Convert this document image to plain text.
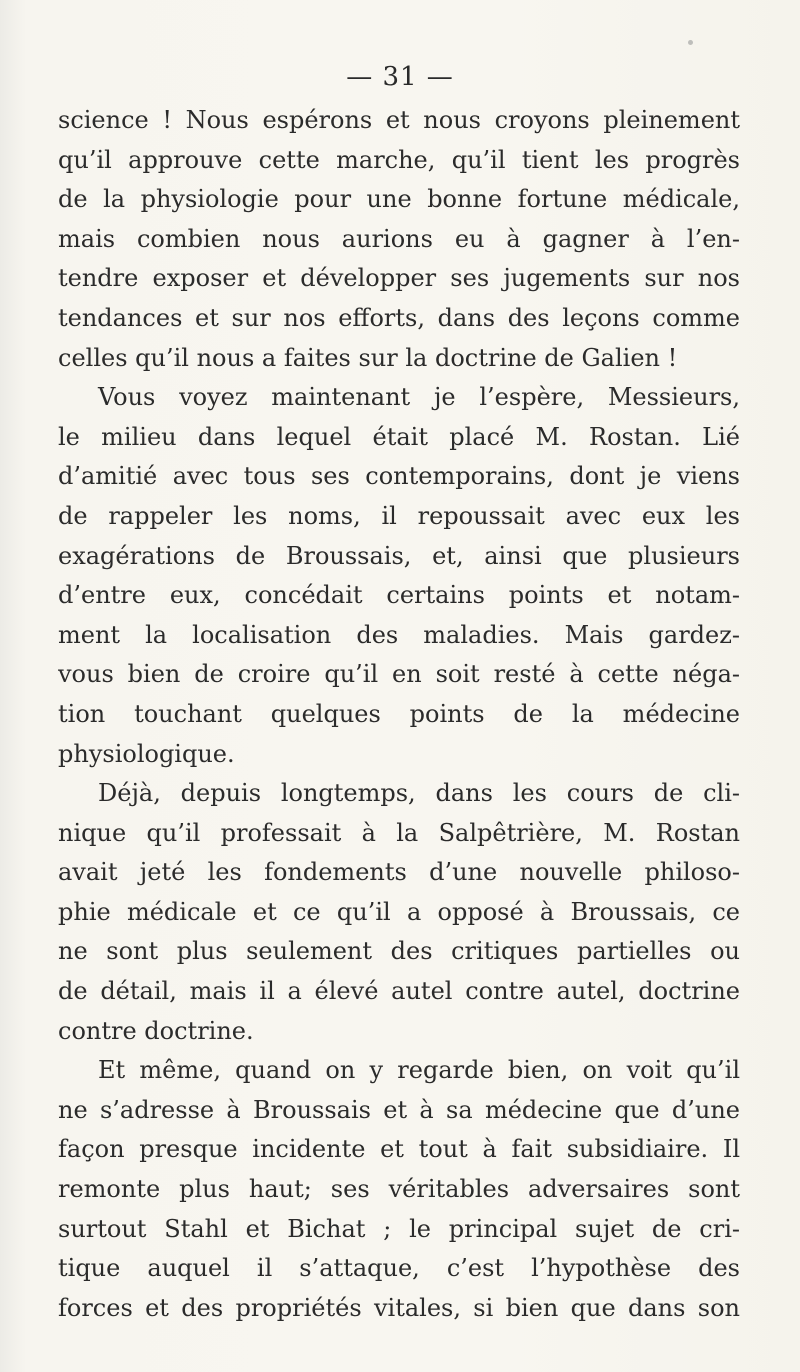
— 31 —
science ! Nous espérons et nous croyons pleinement
qu’il approuve cette marche, qu’il tient les progrès
de la physiologie pour une bonne fortune médicale,
mais combien nous aurions eu à gagner à l’en-
tendre exposer et développer ses jugements sur nos
tendances et sur nos efforts, dans des leçons comme
celles qu’il nous a faites sur la doctrine de Galien !
Vous voyez maintenant je l’espère, Messieurs,
le milieu dans lequel était placé M. Rostan. Lié
d’amitié avec tous ses contemporains, dont je viens
de rappeler les noms, il repoussait avec eux les
exagérations de Broussais, et, ainsi que plusieurs
d’entre eux, concédait certains points et notam-
ment la localisation des maladies. Mais gardez-
vous bien de croire qu’il en soit resté à cette néga-
tion touchant quelques points de la médecine
physiologique.
Déjà, depuis longtemps, dans les cours de cli-
nique qu’il professait à la Salpêtrière, M. Rostan
avait jeté les fondements d’une nouvelle philoso-
phie médicale et ce qu’il a opposé à Broussais, ce
ne sont plus seulement des critiques partielles ou
de détail, mais il a élevé autel contre autel, doctrine
contre doctrine.
Et même, quand on y regarde bien, on voit qu’il
ne s’adresse à Broussais et à sa médecine que d’une
façon presque incidente et tout à fait subsidiaire. Il
remonte plus haut; ses véritables adversaires sont
surtout Stahl et Bichat ; le principal sujet de cri-
tique auquel il s’attaque, c’est l’hypothèse des
forces et des propriétés vitales, si bien que dans son
